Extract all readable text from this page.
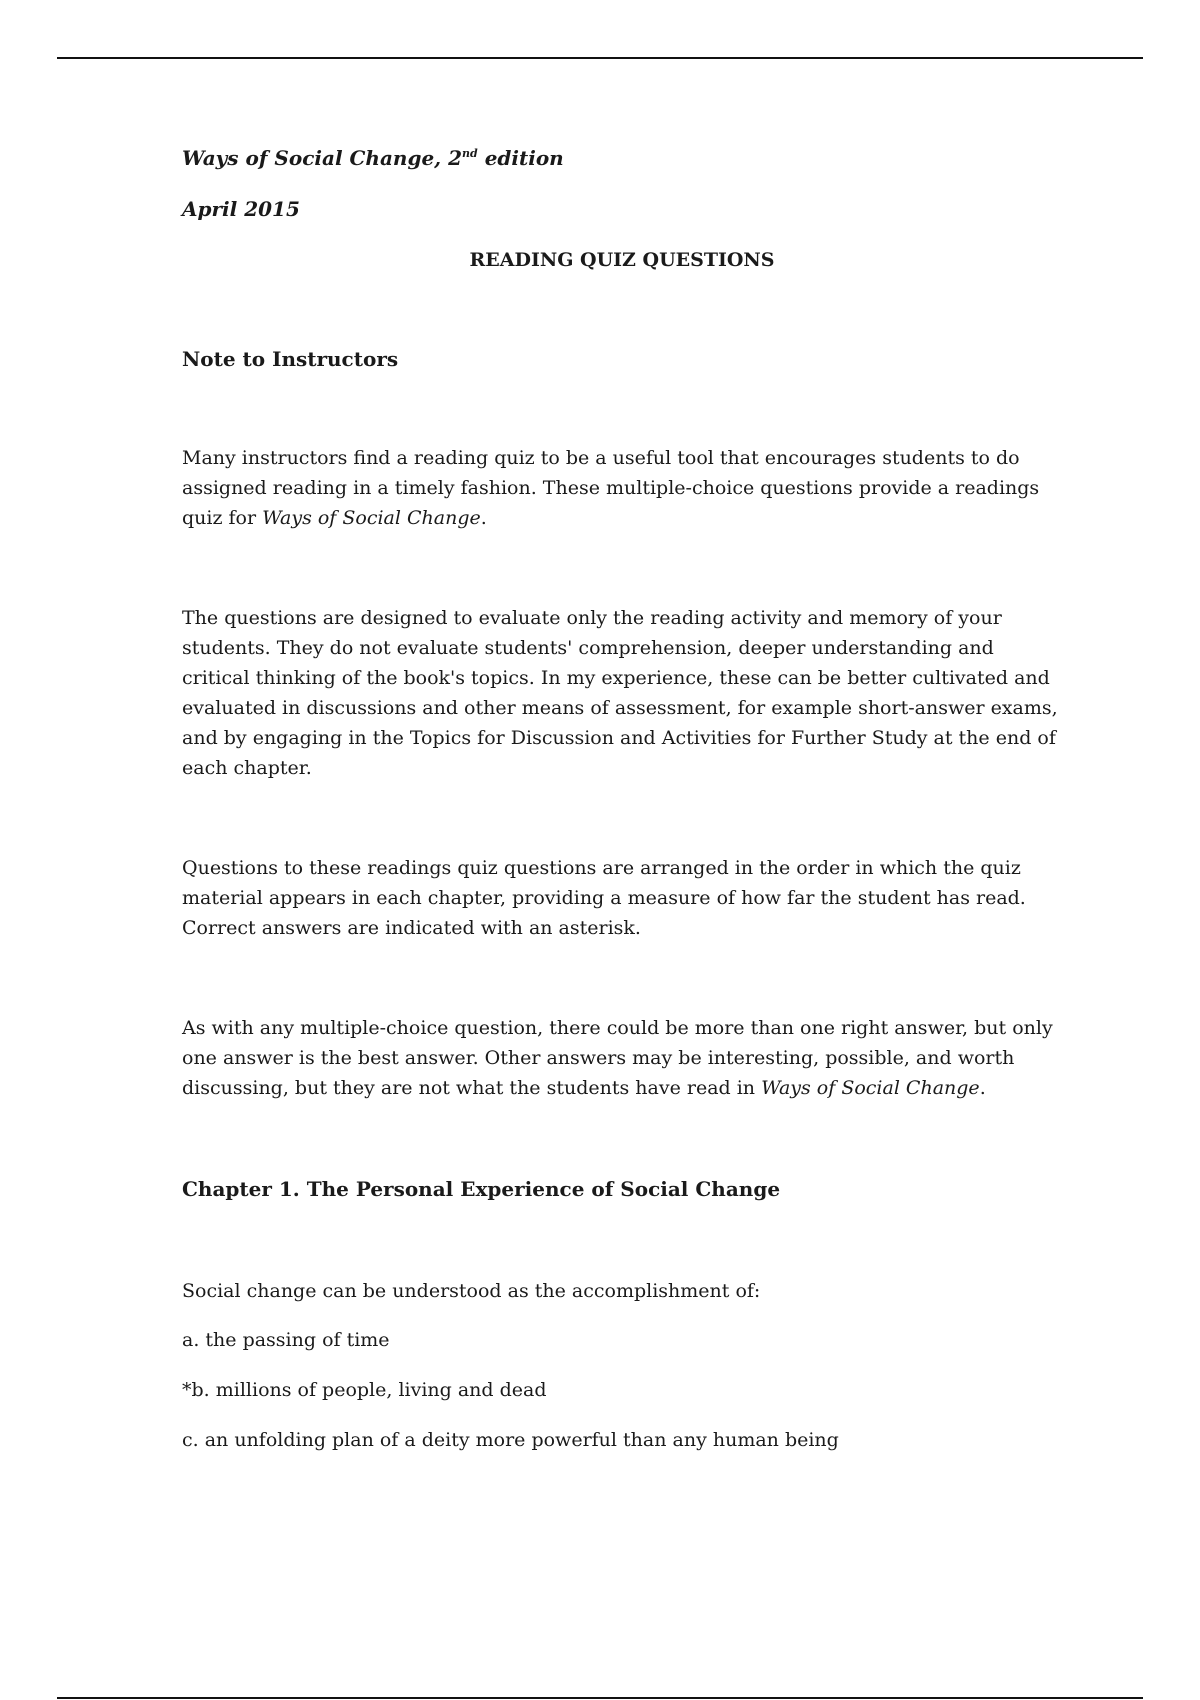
Ways of Social Change, 2nd edition

April 2015

READING QUIZ QUESTIONS

Note to Instructors

Many instructors find a reading quiz to be a useful tool that encourages students to do assigned reading in a timely fashion. These multiple-choice questions provide a readings quiz for Ways of Social Change.

The questions are designed to evaluate only the reading activity and memory of your students. They do not evaluate students' comprehension, deeper understanding and critical thinking of the book's topics. In my experience, these can be better cultivated and evaluated in discussions and other means of assessment, for example short-answer exams, and by engaging in the Topics for Discussion and Activities for Further Study at the end of each chapter.

Questions to these readings quiz questions are arranged in the order in which the quiz material appears in each chapter, providing a measure of how far the student has read. Correct answers are indicated with an asterisk.

As with any multiple-choice question, there could be more than one right answer, but only one answer is the best answer. Other answers may be interesting, possible, and worth discussing, but they are not what the students have read in Ways of Social Change.

Chapter 1. The Personal Experience of Social Change

Social change can be understood as the accomplishment of:

a. the passing of time

*b. millions of people, living and dead

c. an unfolding plan of a deity more powerful than any human being
